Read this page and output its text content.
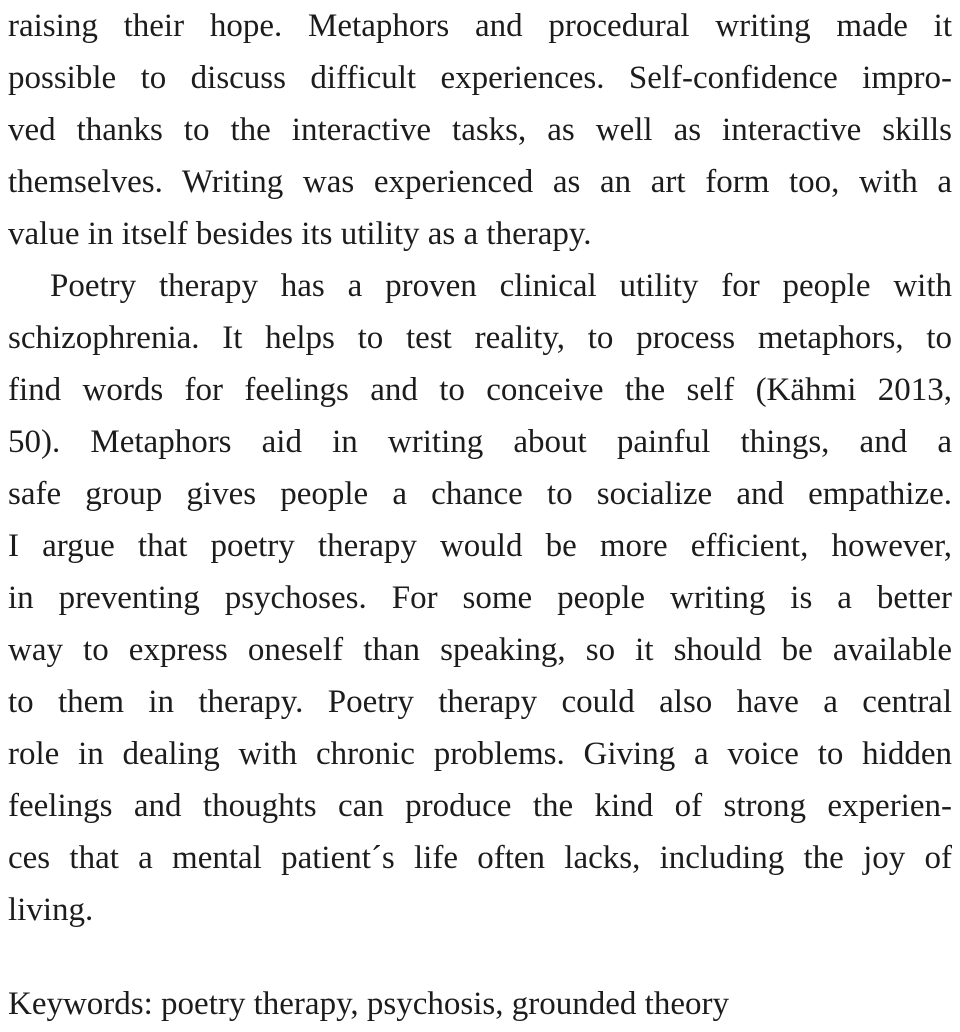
raising their hope. Metaphors and procedural writing made it
possible to discuss difficult experiences. Self-confidence impro-
ved thanks to the interactive tasks, as well as interactive skills
themselves. Writing was experienced as an art form too, with a
value in itself besides its utility as a therapy.
Poetry therapy has a proven clinical utility for people with
schizophrenia. It helps to test reality, to process metaphors, to
find words for feelings and to conceive the self (Kähmi 2013,
50). Metaphors aid in writing about painful things, and a
safe group gives people a chance to socialize and empathize.
I argue that poetry therapy would be more efficient, however,
in preventing psychoses. For some people writing is a better
way to express oneself than speaking, so it should be available
to them in therapy. Poetry therapy could also have a central
role in dealing with chronic problems. Giving a voice to hidden
feelings and thoughts can produce the kind of strong experien-
ces that a mental patient´s life often lacks, including the joy of
living.
Keywords: poetry therapy, psychosis, grounded theory
